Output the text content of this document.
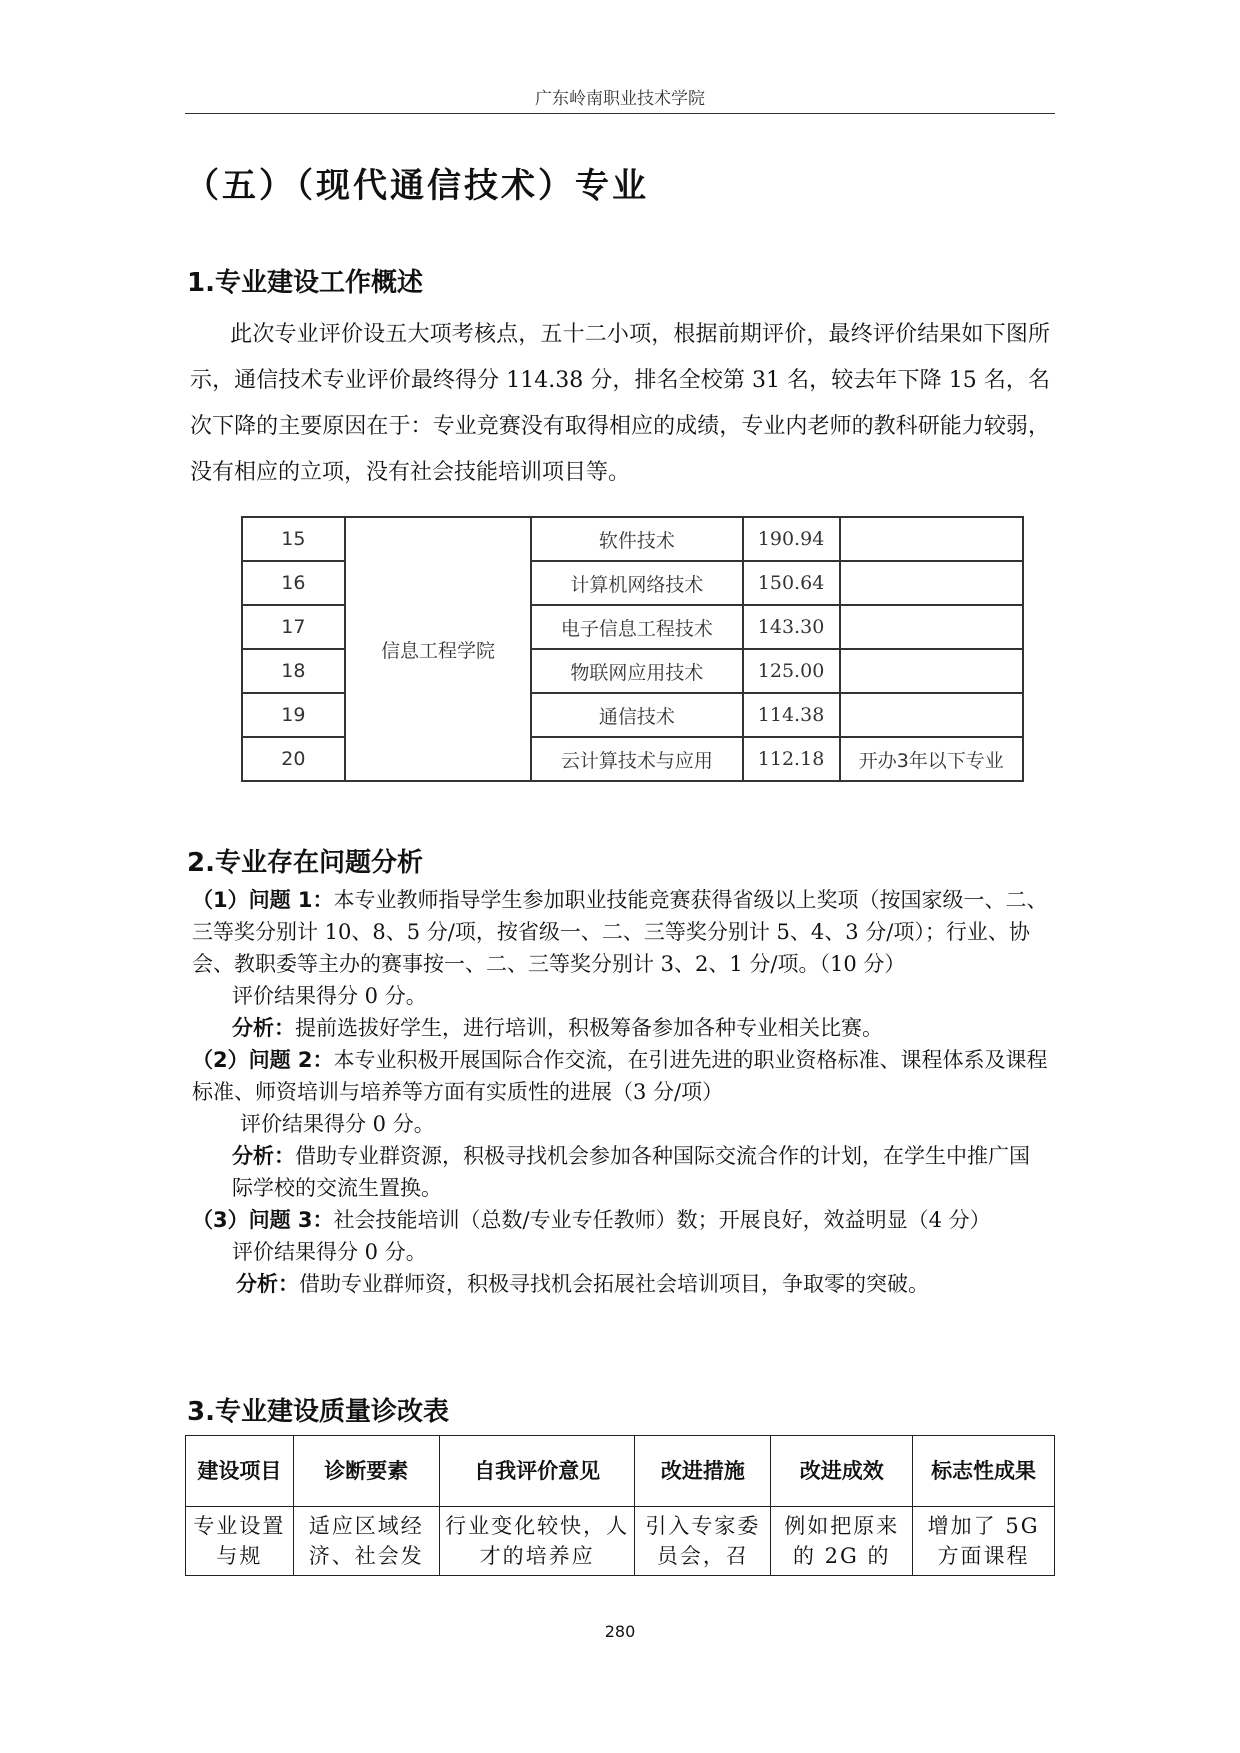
广东岭南职业技术学院
（五）（现代通信技术）专业
1.专业建设工作概述

此次专业评价设五大项考核点，五十二小项，根据前期评价，最终评价结果如下图所示，通信技术专业评价最终得分 114.38 分，排名全校第 31 名，较去年下降 15 名，名次下降的主要原因在于：专业竞赛没有取得相应的成绩，专业内老师的教科研能力较弱，没有相应的立项，没有社会技能培训项目等。

15	信息工程学院	软件技术	190.94	
16		计算机网络技术	150.64	
17		电子信息工程技术	143.30	
18		物联网应用技术	125.00	
19		通信技术	114.38	
20		云计算技术与应用	112.18	开办3年以下专业
2.专业存在问题分析

（1）问题 1：本专业教师指导学生参加职业技能竞赛获得省级以上奖项（按国家级一、二、三等奖分别计 10、8、5 分/项，按省级一、二、三等奖分别计 5、4、3 分/项）；行业、协会、教职委等主办的赛事按一、二、三等奖分别计 3、2、1 分/项。（10 分）

评价结果得分 0 分。

分析：提前选拔好学生，进行培训，积极筹备参加各种专业相关比赛。

（2）问题 2：本专业积极开展国际合作交流，在引进先进的职业资格标准、课程体系及课程标准、师资培训与培养等方面有实质性的进展（3 分/项）

评价结果得分 0 分。

分析：借助专业群资源，积极寻找机会参加各种国际交流合作的计划，在学生中推广国际学校的交流生置换。

（3）问题 3：社会技能培训（总数/专业专任教师）数；开展良好，效益明显（4 分）

评价结果得分 0 分。

分析：借助专业群师资，积极寻找机会拓展社会培训项目，争取零的突破。

3.专业建设质量诊改表
建设项目	诊断要素	自我评价意见	改进措施	改进成效	标志性成果
专业设置与规	适应区域经济、社会发	行业变化较快，人才的培养应	引入专家委员会，召	例如把原来的 2G 的	增加了 5G 方面课程
280
